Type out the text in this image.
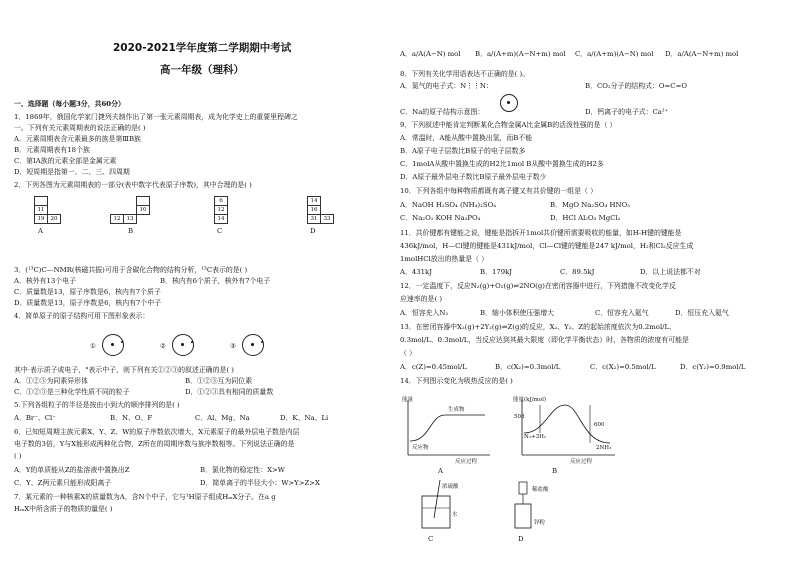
2020-2021学年度第二学期期中考试
高一年级（理科）
一、选择题（每小题3分，共60分）
1．1869年，俄国化学家门捷列夫制作出了第一张元素周期表，成为化学史上的重要里程碑之
一。下列有关元素周期表的说法正确的是( )
A．元素周期表含元素最多的族是第ⅢB族
B．元素周期表有18个族
C．第ⅠA族的元素全部是金属元素
D．短周期是指第一、二、三、四周期
2．下列各图为元素周期表的一部分(表中数字代表原子序数)，其中合理的是( )

	11	
	19	20
A

		10
12	13	
B
	6	
	12	
	14	
C
	14	
	16	
	31	33
D
3．(¹³C)C—NMR(核磁共振)可用于含碳化合物的结构分析，¹³C表示的是( )
A．核外有13个电子	B．核内有6个质子，核外有7个电子
C．质量数是13，原子序数是6，核内有7个质子
D．质量数是13，原子序数是6，核内有7个中子
4．简单原子的原子结构可用下图形象表示：
①	②	③
其中·表示质子或电子，°表示中子，则下列有关①②③的叙述正确的是( )
A．①②③为同素异形体	B．①②③互为同位素
C．①②③是三种化学性质不同的粒子	D．①②③具有相同的质量数
5.下列各组粒子的半径是按由小到大的顺序排列的是( )
A．Br⁻、Cl⁻	B．N、O、F	C．Al、Mg、Na	D．K、Na、Li
6．已知短周期主族元素X、Y、Z、W的原子序数依次增大，X元素原子的最外层电子数是内层
电子数的3倍，Y与X能形成两种化合物，Z所在的周期序数与族序数相等。下列说法正确的是
( )
A．Y的单质能从Z的盐溶液中置换出Z	B．氯化物的稳定性：X>W
C．Y、Z两元素只能形成阳离子	D．简单离子的半径大小：W>Y>Z>X
7．某元素的一种核素X的质量数为A，含N个中子，它与¹H原子组成HₘX分子。在a g
HₘX中所含质子的物质的量是( )
A．a/A(A−N) mol B．a/(A+m)(A−N+m) mol C．a/(A+m)(A−N) mol D．a/A(A−N+m) mol
8．下列有关化学用语表达不正确的是( )。
A．氮气的电子式：N⋮⋮N：	B．CO₂分子的结构式：O=C=O
C．Na的原子结构示意图：	D．钙离子的电子式：Ca²⁺
9．下列叙述中能肯定判断某化合物金属A比金属B的活泼性强的是（ ）
A．常温时，A能从酸中置换出氢，而B不能
B．A原子电子层数比B原子的电子层数多
C．1molA从酸中置换生成的H2比1mol B从酸中置换生成的H2多
D．A原子最外层电子数比B原子最外层电子数少
10．下列各组中每种物质都既有离子键又有共价键的一组是（ ）
A．NaOH H₂SO₄ (NH₄)₂SO₄	B．MgO Na₂SO₄ HNO₃
C．Na₂O₂ KOH Na₃PO₄	D．HCl Al₂O₃ MgCl₂
11．共价键都有键能之说，键能是指拆开1mol共价键所需要吸收的能量，如H-H键的键能是
436kJ/mol，H—Cl键的键能是431kJ/mol，Cl—Cl键的键能是247 kJ/mol，H₂和Cl₂反应生成
1molHCl放出的热量是（ ）
A．431kJ	B．179kJ	C．89.5kJ	D．以上说法都不对
12．一定温度下，反应N₂(g)+O₂(g)⇌2NO(g)在密闭容器中进行，下列措施不改变化学反
应速率的是( )
A．恒容充入N₂	B．缩小体积使压强增大	C．恒容充入氦气	D．恒压充入氦气
13．在密闭容器中X₂(g)+2Y₂(g)⇌Z(g)的反应，X₂、Y₂、Z的起始浓度依次为0.2mol/L、
0.3mol/L、0.3mol/L，当反应达到其最大限度（即化学平衡状态）时，各物质的浓度有可能是
（ ）
A．c(Z)=0.45mol/L	B．c(X₂)=0.3mol/L	C．c(X₂)=0.5mol/L	D．c(Y₂)=0.9mol/L
14．下列图示变化为吸热反应的是( )
能量
生成物
反应物
反应过程
A
能量(kJ/mol)
508
600
N₂+3H₂
2NH₃
反应过程
B
浓硫酸
水
C
稀盐酸
锌粉
D
